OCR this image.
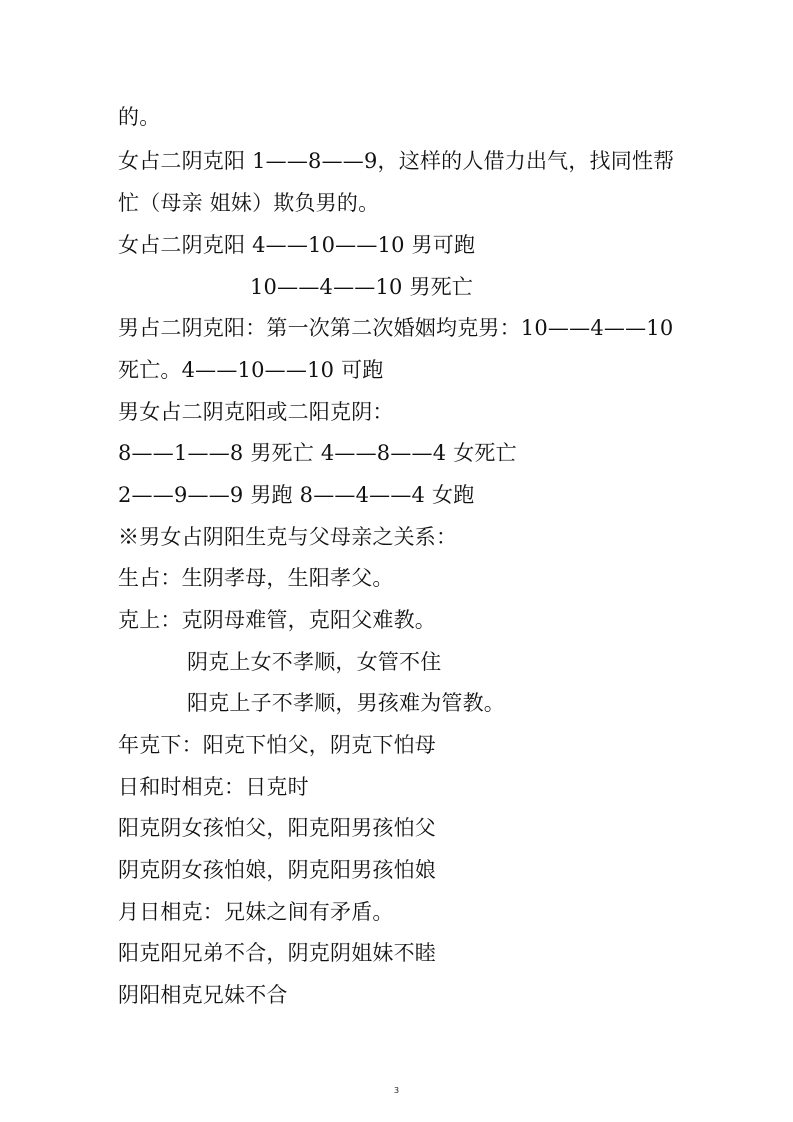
的。
女占二阴克阳 1——8——9，这样的人借力出气，找同性帮
忙（母亲 姐妹）欺负男的。
女占二阴克阳 4——10——10 男可跑
10——4——10 男死亡
男占二阴克阳：第一次第二次婚姻均克男：10——4——10
死亡。4——10——10 可跑
男女占二阴克阳或二阳克阴：
8——1——8 男死亡 4——8——4 女死亡
2——9——9 男跑 8——4——4 女跑
※男女占阴阳生克与父母亲之关系：
生占：生阴孝母，生阳孝父。
克上：克阴母难管，克阳父难教。
阴克上女不孝顺，女管不住
阳克上子不孝顺，男孩难为管教。
年克下：阳克下怕父，阴克下怕母
日和时相克：日克时
阳克阴女孩怕父，阳克阳男孩怕父
阴克阴女孩怕娘，阴克阳男孩怕娘
月日相克：兄妹之间有矛盾。
阳克阳兄弟不合，阴克阴姐妹不睦
阴阳相克兄妹不合
3
